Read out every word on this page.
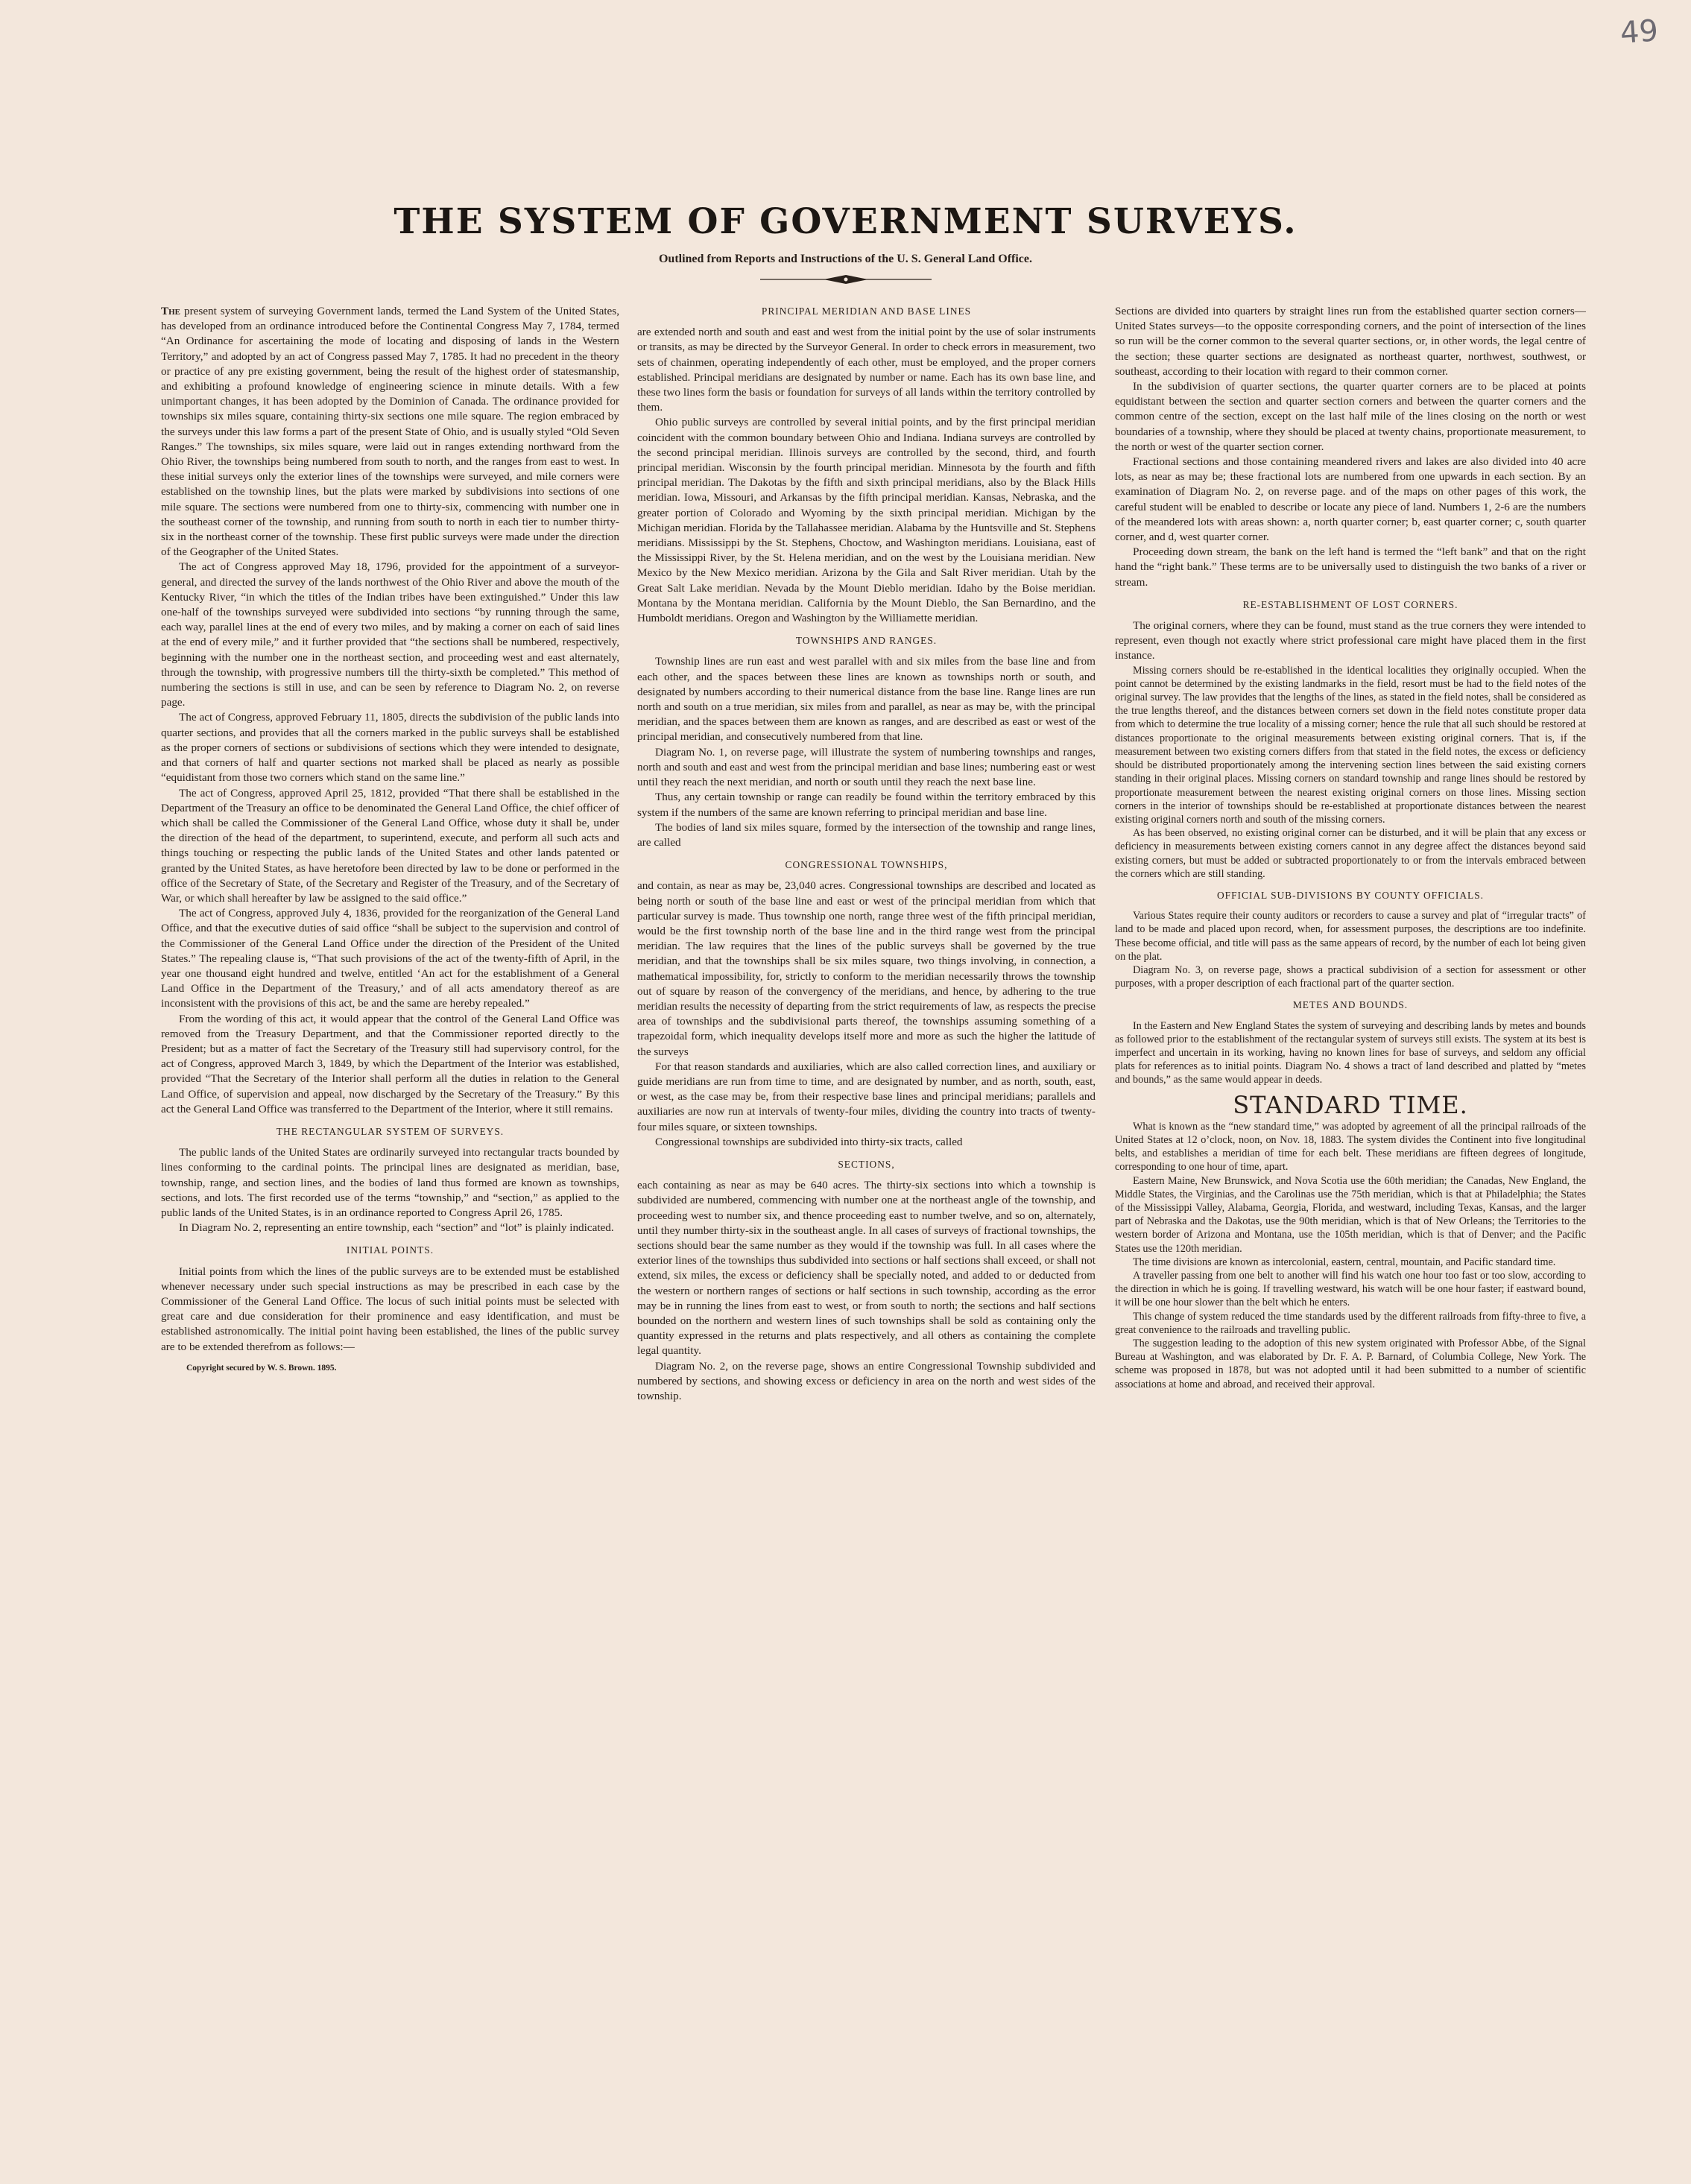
49
THE SYSTEM OF GOVERNMENT SURVEYS.
Outlined from Reports and Instructions of the U. S. General Land Office.

The present system of surveying Government lands, termed the Land System of the United States, has developed from an ordinance introduced before the Continental Congress May 7, 1784, termed “An Ordinance for ascertaining the mode of locating and disposing of lands in the Western Territory,” and adopted by an act of Congress passed May 7, 1785. It had no precedent in the theory or practice of any pre existing government, being the result of the highest order of statesmanship, and exhibiting a profound knowledge of engineering science in minute details. With a few unimportant changes, it has been adopted by the Dominion of Canada. The ordinance provided for townships six miles square, containing thirty-six sections one mile square. The region embraced by the surveys under this law forms a part of the present State of Ohio, and is usually styled “Old Seven Ranges.” The townships, six miles square, were laid out in ranges extending northward from the Ohio River, the townships being numbered from south to north, and the ranges from east to west. In these initial surveys only the exterior lines of the townships were surveyed, and mile corners were established on the township lines, but the plats were marked by subdivisions into sections of one mile square. The sections were numbered from one to thirty-six, commencing with number one in the southeast corner of the township, and running from south to north in each tier to number thirty-six in the northeast corner of the township. These first public surveys were made under the direction of the Geographer of the United States.

The act of Congress approved May 18, 1796, provided for the appointment of a surveyor-general, and directed the survey of the lands northwest of the Ohio River and above the mouth of the Kentucky River, “in which the titles of the Indian tribes have been extinguished.” Under this law one-half of the townships surveyed were subdivided into sections “by running through the same, each way, parallel lines at the end of every two miles, and by making a corner on each of said lines at the end of every mile,” and it further provided that “the sections shall be numbered, respectively, beginning with the number one in the northeast section, and proceeding west and east alternately, through the township, with progressive numbers till the thirty-sixth be completed.” This method of numbering the sections is still in use, and can be seen by reference to Diagram No. 2, on reverse page.

The act of Congress, approved February 11, 1805, directs the subdivision of the public lands into quarter sections, and provides that all the corners marked in the public surveys shall be established as the proper corners of sections or subdivisions of sections which they were intended to designate, and that corners of half and quarter sections not marked shall be placed as nearly as possible “equidistant from those two corners which stand on the same line.”

The act of Congress, approved April 25, 1812, provided “That there shall be established in the Department of the Treasury an office to be denominated the General Land Office, the chief officer of which shall be called the Commissioner of the General Land Office, whose duty it shall be, under the direction of the head of the department, to superintend, execute, and perform all such acts and things touching or respecting the public lands of the United States and other lands patented or granted by the United States, as have heretofore been directed by law to be done or performed in the office of the Secretary of State, of the Secretary and Register of the Treasury, and of the Secretary of War, or which shall hereafter by law be assigned to the said office.”

The act of Congress, approved July 4, 1836, provided for the reorganization of the General Land Office, and that the executive duties of said office “shall be subject to the supervision and control of the Commissioner of the General Land Office under the direction of the President of the United States.” The repealing clause is, “That such provisions of the act of the twenty-fifth of April, in the year one thousand eight hundred and twelve, entitled ‘An act for the establishment of a General Land Office in the Department of the Treasury,’ and of all acts amendatory thereof as are inconsistent with the provisions of this act, be and the same are hereby repealed.”

From the wording of this act, it would appear that the control of the General Land Office was removed from the Treasury Department, and that the Commissioner reported directly to the President; but as a matter of fact the Secretary of the Treasury still had supervisory control, for the act of Congress, approved March 3, 1849, by which the Department of the Interior was established, provided “That the Secretary of the Interior shall perform all the duties in relation to the General Land Office, of supervision and appeal, now discharged by the Secretary of the Treasury.” By this act the General Land Office was transferred to the Department of the Interior, where it still remains.

THE RECTANGULAR SYSTEM OF SURVEYS.

The public lands of the United States are ordinarily surveyed into rectangular tracts bounded by lines conforming to the cardinal points. The principal lines are designated as meridian, base, township, range, and section lines, and the bodies of land thus formed are known as townships, sections, and lots. The first recorded use of the terms “township,” and “section,” as applied to the public lands of the United States, is in an ordinance reported to Congress April 26, 1785.

In Diagram No. 2, representing an entire township, each “section” and “lot” is plainly indicated.

INITIAL POINTS.

Initial points from which the lines of the public surveys are to be extended must be established whenever necessary under such special instructions as may be prescribed in each case by the Commissioner of the General Land Office. The locus of such initial points must be selected with great care and due consideration for their prominence and easy identification, and must be established astronomically. The initial point having been established, the lines of the public survey are to be extended therefrom as follows:—

Copyright secured by W. S. Brown. 1895.
PRINCIPAL MERIDIAN AND BASE LINES

are extended north and south and east and west from the initial point by the use of solar instruments or transits, as may be directed by the Surveyor General. In order to check errors in measurement, two sets of chainmen, operating independently of each other, must be employed, and the proper corners established. Principal meridians are designated by number or name. Each has its own base line, and these two lines form the basis or foundation for surveys of all lands within the territory controlled by them.

Ohio public surveys are controlled by several initial points, and by the first principal meridian coincident with the common boundary between Ohio and Indiana. Indiana surveys are controlled by the second principal meridian. Illinois surveys are controlled by the second, third, and fourth principal meridian. Wisconsin by the fourth principal meridian. Minnesota by the fourth and fifth principal meridian. The Dakotas by the fifth and sixth principal meridians, also by the Black Hills meridian. Iowa, Missouri, and Arkansas by the fifth principal meridian. Kansas, Nebraska, and the greater portion of Colorado and Wyoming by the sixth principal meridian. Michigan by the Michigan meridian. Florida by the Tallahassee meridian. Alabama by the Huntsville and St. Stephens meridians. Mississippi by the St. Stephens, Choctow, and Washington meridians. Louisiana, east of the Mississippi River, by the St. Helena meridian, and on the west by the Louisiana meridian. New Mexico by the New Mexico meridian. Arizona by the Gila and Salt River meridian. Utah by the Great Salt Lake meridian. Nevada by the Mount Dieblo meridian. Idaho by the Boise meridian. Montana by the Montana meridian. California by the Mount Dieblo, the San Bernardino, and the Humboldt meridians. Oregon and Washington by the Williamette meridian.

TOWNSHIPS AND RANGES.

Township lines are run east and west parallel with and six miles from the base line and from each other, and the spaces between these lines are known as townships north or south, and designated by numbers according to their numerical distance from the base line. Range lines are run north and south on a true meridian, six miles from and parallel, as near as may be, with the principal meridian, and the spaces between them are known as ranges, and are described as east or west of the principal meridian, and consecutively numbered from that line.

Diagram No. 1, on reverse page, will illustrate the system of numbering townships and ranges, north and south and east and west from the principal meridian and base lines; numbering east or west until they reach the next meridian, and north or south until they reach the next base line.

Thus, any certain township or range can readily be found within the territory embraced by this system if the numbers of the same are known referring to principal meridian and base line.

The bodies of land six miles square, formed by the intersection of the township and range lines, are called

CONGRESSIONAL TOWNSHIPS,

and contain, as near as may be, 23,040 acres. Congressional townships are described and located as being north or south of the base line and east or west of the principal meridian from which that particular survey is made. Thus township one north, range three west of the fifth principal meridian, would be the first township north of the base line and in the third range west from the principal meridian. The law requires that the lines of the public surveys shall be governed by the true meridian, and that the townships shall be six miles square, two things involving, in connection, a mathematical impossibility, for, strictly to conform to the meridian necessarily throws the township out of square by reason of the convergency of the meridians, and hence, by adhering to the true meridian results the necessity of departing from the strict requirements of law, as respects the precise area of townships and the subdivisional parts thereof, the townships assuming something of a trapezoidal form, which inequality develops itself more and more as such the higher the latitude of the surveys

For that reason standards and auxiliaries, which are also called correction lines, and auxiliary or guide meridians are run from time to time, and are designated by number, and as north, south, east, or west, as the case may be, from their respective base lines and principal meridians; parallels and auxiliaries are now run at intervals of twenty-four miles, dividing the country into tracts of twenty-four miles square, or sixteen townships.

Congressional townships are subdivided into thirty-six tracts, called

SECTIONS,

each containing as near as may be 640 acres. The thirty-six sections into which a township is subdivided are numbered, commencing with number one at the northeast angle of the township, and proceeding west to number six, and thence proceeding east to number twelve, and so on, alternately, until they number thirty-six in the southeast angle. In all cases of surveys of fractional townships, the sections should bear the same number as they would if the township was full. In all cases where the exterior lines of the townships thus subdivided into sections or half sections shall exceed, or shall not extend, six miles, the excess or deficiency shall be specially noted, and added to or deducted from the western or northern ranges of sections or half sections in such township, according as the error may be in running the lines from east to west, or from south to north; the sections and half sections bounded on the northern and western lines of such townships shall be sold as containing only the quantity expressed in the returns and plats respectively, and all others as containing the complete legal quantity.

Diagram No. 2, on the reverse page, shows an entire Congressional Township subdivided and numbered by sections, and showing excess or deficiency in area on the north and west sides of the township.

Sections are divided into quarters by straight lines run from the established quarter section corners—United States surveys—to the opposite corresponding corners, and the point of intersection of the lines so run will be the corner common to the several quarter sections, or, in other words, the legal centre of the section; these quarter sections are designated as northeast quarter, northwest, southwest, or southeast, according to their location with regard to their common corner.

In the subdivision of quarter sections, the quarter quarter corners are to be placed at points equidistant between the section and quarter section corners and between the quarter corners and the common centre of the section, except on the last half mile of the lines closing on the north or west boundaries of a township, where they should be placed at twenty chains, proportionate measurement, to the north or west of the quarter section corner.

Fractional sections and those containing meandered rivers and lakes are also divided into 40 acre lots, as near as may be; these fractional lots are numbered from one upwards in each section. By an examination of Diagram No. 2, on reverse page. and of the maps on other pages of this work, the careful student will be enabled to describe or locate any piece of land. Numbers 1, 2-6 are the numbers of the meandered lots with areas shown: a, north quarter corner; b, east quarter corner; c, south quarter corner, and d, west quarter corner.

Proceeding down stream, the bank on the left hand is termed the “left bank” and that on the right hand the “right bank.” These terms are to be universally used to distinguish the two banks of a river or stream.

RE-ESTABLISHMENT OF LOST CORNERS.

The original corners, where they can be found, must stand as the true corners they were intended to represent, even though not exactly where strict professional care might have placed them in the first instance.

Missing corners should be re-established in the identical localities they originally occupied. When the point cannot be determined by the existing landmarks in the field, resort must be had to the field notes of the original survey. The law provides that the lengths of the lines, as stated in the field notes, shall be considered as the true lengths thereof, and the distances between corners set down in the field notes constitute proper data from which to determine the true locality of a missing corner; hence the rule that all such should be restored at distances proportionate to the original measurements between existing original corners. That is, if the measurement between two existing corners differs from that stated in the field notes, the excess or deficiency should be distributed proportionately among the intervening section lines between the said existing corners standing in their original places. Missing corners on standard township and range lines should be restored by proportionate measurement between the nearest existing original corners on those lines. Missing section corners in the interior of townships should be re-established at proportionate distances between the nearest existing original corners north and south of the missing corners.

As has been observed, no existing original corner can be disturbed, and it will be plain that any excess or deficiency in measurements between existing corners cannot in any degree affect the distances beyond said existing corners, but must be added or subtracted proportionately to or from the intervals embraced between the corners which are still standing.

OFFICIAL SUB-DIVISIONS BY COUNTY OFFICIALS.

Various States require their county auditors or recorders to cause a survey and plat of “irregular tracts” of land to be made and placed upon record, when, for assessment purposes, the descriptions are too indefinite. These become official, and title will pass as the same appears of record, by the number of each lot being given on the plat.

Diagram No. 3, on reverse page, shows a practical subdivision of a section for assessment or other purposes, with a proper description of each fractional part of the quarter section.

METES AND BOUNDS.

In the Eastern and New England States the system of surveying and describing lands by metes and bounds as followed prior to the establishment of the rectangular system of surveys still exists. The system at its best is imperfect and uncertain in its working, having no known lines for base of surveys, and seldom any official plats for references as to initial points. Diagram No. 4 shows a tract of land described and platted by “metes and bounds,” as the same would appear in deeds.

STANDARD TIME.

What is known as the “new standard time,” was adopted by agreement of all the principal railroads of the United States at 12 o’clock, noon, on Nov. 18, 1883. The system divides the Continent into five longitudinal belts, and establishes a meridian of time for each belt. These meridians are fifteen degrees of longitude, corresponding to one hour of time, apart.

Eastern Maine, New Brunswick, and Nova Scotia use the 60th meridian; the Canadas, New England, the Middle States, the Virginias, and the Carolinas use the 75th meridian, which is that at Philadelphia; the States of the Mississippi Valley, Alabama, Georgia, Florida, and westward, including Texas, Kansas, and the larger part of Nebraska and the Dakotas, use the 90th meridian, which is that of New Orleans; the Territories to the western border of Arizona and Montana, use the 105th meridian, which is that of Denver; and the Pacific States use the 120th meridian.

The time divisions are known as intercolonial, eastern, central, mountain, and Pacific standard time.

A traveller passing from one belt to another will find his watch one hour too fast or too slow, according to the direction in which he is going. If travelling westward, his watch will be one hour faster; if eastward bound, it will be one hour slower than the belt which he enters.

This change of system reduced the time standards used by the different railroads from fifty-three to five, a great convenience to the railroads and travelling public.

The suggestion leading to the adoption of this new system originated with Professor Abbe, of the Signal Bureau at Washington, and was elaborated by Dr. F. A. P. Barnard, of Columbia College, New York. The scheme was proposed in 1878, but was not adopted until it had been submitted to a number of scientific associations at home and abroad, and received their approval.
